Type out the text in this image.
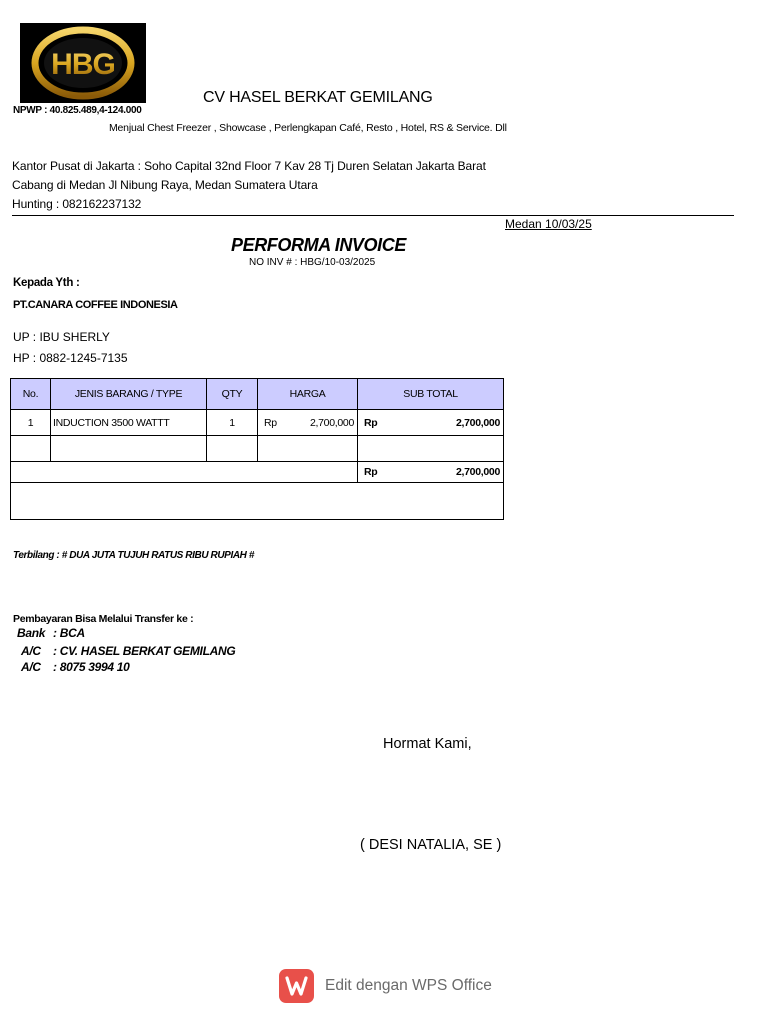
HBG
CV HASEL BERKAT GEMILANG
NPWP : 40.825.489,4-124.000
Menjual Chest Freezer , Showcase , Perlengkapan Café, Resto , Hotel, RS & Service. Dll
Kantor Pusat di Jakarta : Soho Capital 32nd Floor 7 Kav 28 Tj Duren Selatan Jakarta Barat
Cabang di Medan Jl Nibung Raya, Medan Sumatera Utara
Hunting : 082162237132
Medan 10/03/25
PERFORMA INVOICE
NO INV # : HBG/10-03/2025
Kepada Yth :
PT.CANARA COFFEE INDONESIA
UP : IBU SHERLY
HP : 0882-1245-7135
No.	JENIS BARANG / TYPE	QTY	HARGA	SUB TOTAL
1	INDUCTION 3500 WATTT	1	Rp 2,700,000	Rp 2,700,000

				Rp 2,700,000

Terbilang : # DUA JUTA TUJUH RATUS RIBU RUPIAH #
Pembayaran Bisa Melalui Transfer ke :
Bank : BCA
A/C : CV. HASEL BERKAT GEMILANG
A/C : 8075 3994 10
Hormat Kami,
( DESI NATALIA, SE )
Edit dengan WPS Office
